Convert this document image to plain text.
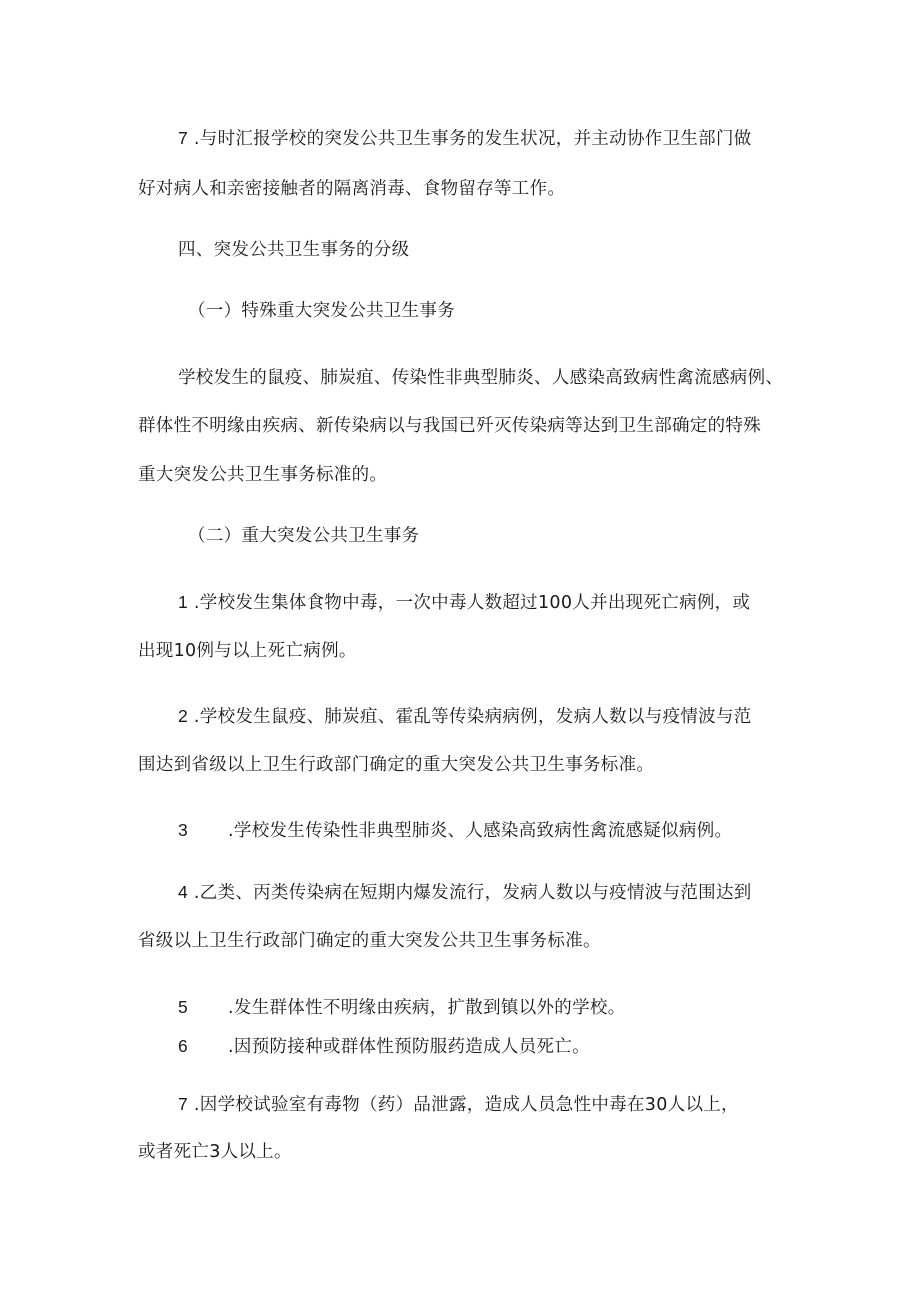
7 .与时汇报学校的突发公共卫生事务的发生状况，并主动协作卫生部门做
好对病人和亲密接触者的隔离消毒、食物留存等工作。
四、突发公共卫生事务的分级
（一）特殊重大突发公共卫生事务
学校发生的鼠疫、肺炭疽、传染性非典型肺炎、人感染高致病性禽流感病例、
群体性不明缘由疾病、新传染病以与我国已歼灭传染病等达到卫生部确定的特殊
重大突发公共卫生事务标准的。
（二）重大突发公共卫生事务
1 .学校发生集体食物中毒，一次中毒人数超过100人并出现死亡病例，或
出现10例与以上死亡病例。
2 .学校发生鼠疫、肺炭疽、霍乱等传染病病例，发病人数以与疫情波与范
围达到省级以上卫生行政部门确定的重大突发公共卫生事务标准。
3 .学校发生传染性非典型肺炎、人感染高致病性禽流感疑似病例。
4 .乙类、丙类传染病在短期内爆发流行，发病人数以与疫情波与范围达到
省级以上卫生行政部门确定的重大突发公共卫生事务标准。
5 .发生群体性不明缘由疾病，扩散到镇以外的学校。
6 .因预防接种或群体性预防服药造成人员死亡。
7 .因学校试验室有毒物（药）品泄露，造成人员急性中毒在30人以上，
或者死亡3人以上。
